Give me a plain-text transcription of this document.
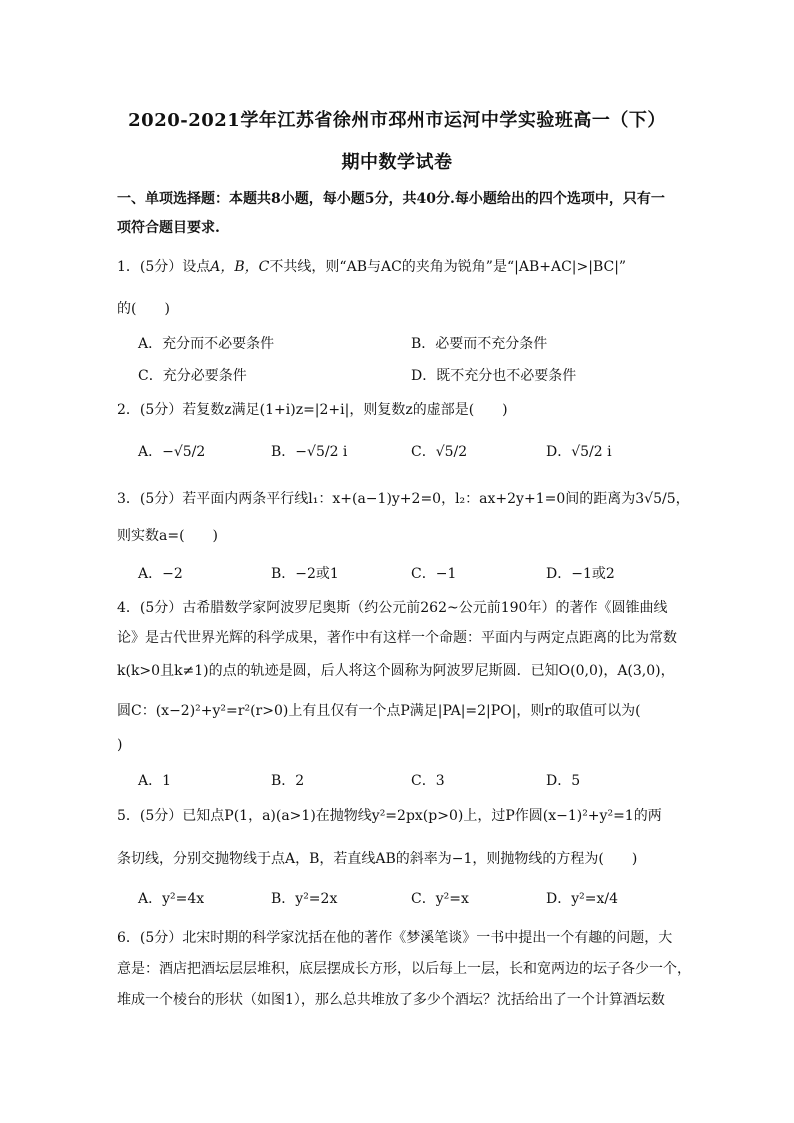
2020-2021学年江苏省徐州市邳州市运河中学实验班高一（下）
期中数学试卷
一、单项选择题：本题共8小题，每小题5分，共40分.每小题给出的四个选项中，只有一
项符合题目要求.
1．(5分）设点A，B，C不共线，则“AB与AC的夹角为锐角”是“|AB+AC|>|BC|”
的(　　)
A．充分而不必要条件	B．必要而不充分条件
C．充分必要条件	D．既不充分也不必要条件
2．(5分）若复数z满足(1+i)z=|2+i|，则复数z的虚部是(　　)
A．−√5/2	B．−√5/2 i	C．√5/2	D．√5/2 i
3．(5分）若平面内两条平行线l₁：x+(a−1)y+2=0，l₂：ax+2y+1=0间的距离为3√5/5，
则实数a=(　　)
A．−2	B．−2或1	C．−1	D．−1或2
4．(5分）古希腊数学家阿波罗尼奥斯（约公元前262~公元前190年）的著作《圆锥曲线
论》是古代世界光辉的科学成果，著作中有这样一个命题：平面内与两定点距离的比为常数
k(k>0且k≠1)的点的轨迹是圆，后人将这个圆称为阿波罗尼斯圆．已知O(0,0)，A(3,0)，
圆C：(x−2)²+y²=r²(r>0)上有且仅有一个点P满足|PA|=2|PO|，则r的取值可以为(
)
A．1	B．2	C．3	D．5
5．(5分）已知点P(1，a)(a>1)在抛物线y²=2px(p>0)上，过P作圆(x−1)²+y²=1的两
条切线，分别交抛物线于点A，B，若直线AB的斜率为−1，则抛物线的方程为(　　)
A．y²=4x	B．y²=2x	C．y²=x	D．y²=x/4
6．(5分）北宋时期的科学家沈括在他的著作《梦溪笔谈》一书中提出一个有趣的问题，大
意是：酒店把酒坛层层堆积，底层摆成长方形，以后每上一层，长和宽两边的坛子各少一个，
堆成一个棱台的形状（如图1），那么总共堆放了多少个酒坛？沈括给出了一个计算酒坛数
